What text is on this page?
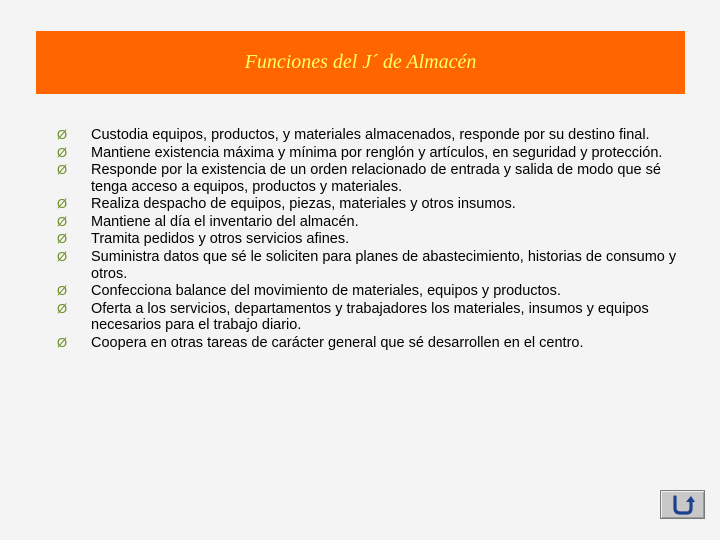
Funciones del J´ de Almacén
Ø	Custodia equipos, productos, y materiales almacenados, responde por su destino final.
Ø	Mantiene existencia máxima y mínima por renglón y artículos, en seguridad y protección.
Ø	Responde por la existencia de un orden relacionado de entrada y salida de modo que sé tenga acceso a equipos, productos y materiales.
Ø	Realiza despacho de equipos, piezas, materiales y otros insumos.
Ø	Mantiene al día el inventario del almacén.
Ø	Tramita pedidos y otros servicios afines.
Ø	Suministra datos que sé le soliciten para planes de abastecimiento, historias de consumo y otros.
Ø	Confecciona balance del movimiento de materiales, equipos y productos.
Ø	Oferta a los servicios, departamentos y trabajadores los materiales, insumos y equipos necesarios para el trabajo diario.
Ø	Coopera en otras tareas de carácter general que sé desarrollen en el centro.
